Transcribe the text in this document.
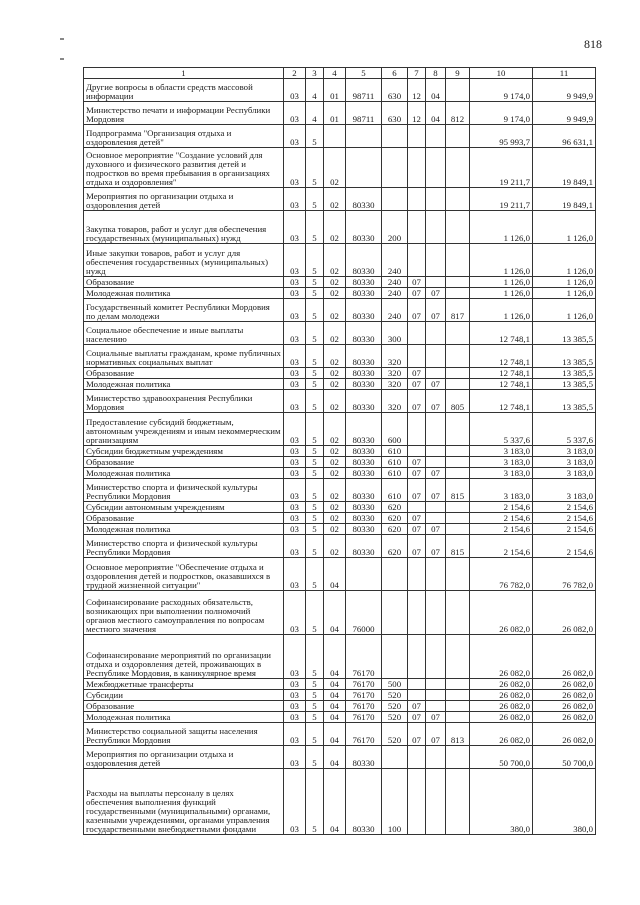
818
1	2	3	4	5	6	7	8	9	10	11
Другие вопросы в области средств массовой информации	03	4	01	98711	630	12	04		9 174,0	9 949,9
Министерство печати и информации Республики Мордовия	03	4	01	98711	630	12	04	812	9 174,0	9 949,9
Подпрограмма "Организация отдыха и оздоровления детей"	03	5							95 993,7	96 631,1
Основное мероприятие "Создание условий для духовного и физического развития детей и подростков во время пребывания в организациях отдыха и оздоровления"	03	5	02						19 211,7	19 849,1
Мероприятия по организации отдыха и оздоровления детей	03	5	02	80330					19 211,7	19 849,1
Закупка товаров, работ и услуг для обеспечения государственных (муниципальных) нужд	03	5	02	80330	200				1 126,0	1 126,0
Иные закупки товаров, работ и услуг для обеспечения государственных (муниципальных) нужд	03	5	02	80330	240				1 126,0	1 126,0
Образование	03	5	02	80330	240	07			1 126,0	1 126,0
Молодежная политика	03	5	02	80330	240	07	07		1 126,0	1 126,0
Государственный комитет Республики Мордовия по делам молодежи	03	5	02	80330	240	07	07	817	1 126,0	1 126,0
Социальное обеспечение и иные выплаты населению	03	5	02	80330	300				12 748,1	13 385,5
Социальные выплаты гражданам, кроме публичных нормативных социальных выплат	03	5	02	80330	320				12 748,1	13 385,5
Образование	03	5	02	80330	320	07			12 748,1	13 385,5
Молодежная политика	03	5	02	80330	320	07	07		12 748,1	13 385,5
Министерство здравоохранения Республики Мордовия	03	5	02	80330	320	07	07	805	12 748,1	13 385,5
Предоставление субсидий бюджетным, автономным учреждениям и иным некоммерческим организациям	03	5	02	80330	600				5 337,6	5 337,6
Субсидии бюджетным учреждениям	03	5	02	80330	610				3 183,0	3 183,0
Образование	03	5	02	80330	610	07			3 183,0	3 183,0
Молодежная политика	03	5	02	80330	610	07	07		3 183,0	3 183,0
Министерство спорта и физической культуры Республики Мордовия	03	5	02	80330	610	07	07	815	3 183,0	3 183,0
Субсидии автономным учреждениям	03	5	02	80330	620				2 154,6	2 154,6
Образование	03	5	02	80330	620	07			2 154,6	2 154,6
Молодежная политика	03	5	02	80330	620	07	07		2 154,6	2 154,6
Министерство спорта и физической культуры Республики Мордовия	03	5	02	80330	620	07	07	815	2 154,6	2 154,6
Основное мероприятие "Обеспечение отдыха и оздоровления детей и подростков, оказавшихся в трудной жизненной ситуации"	03	5	04						76 782,0	76 782,0
Софинансирование расходных обязательств, возникающих при выполнении полномочий органов местного самоуправления по вопросам местного значения	03	5	04	76000					26 082,0	26 082,0
Софинансирование мероприятий по организации отдыха и оздоровления детей, проживающих в Республике Мордовия, в каникулярное время	03	5	04	76170					26 082,0	26 082,0
Межбюджетные трансферты	03	5	04	76170	500				26 082,0	26 082,0
Субсидии	03	5	04	76170	520				26 082,0	26 082,0
Образование	03	5	04	76170	520	07			26 082,0	26 082,0
Молодежная политика	03	5	04	76170	520	07	07		26 082,0	26 082,0
Министерство социальной защиты населения Республики Мордовия	03	5	04	76170	520	07	07	813	26 082,0	26 082,0
Мероприятия по организации отдыха и оздоровления детей	03	5	04	80330					50 700,0	50 700,0
Расходы на выплаты персоналу в целях обеспечения выполнения функций государственными (муниципальными) органами, казенными учреждениями, органами управления государственными внебюджетными фондами	03	5	04	80330	100				380,0	380,0
